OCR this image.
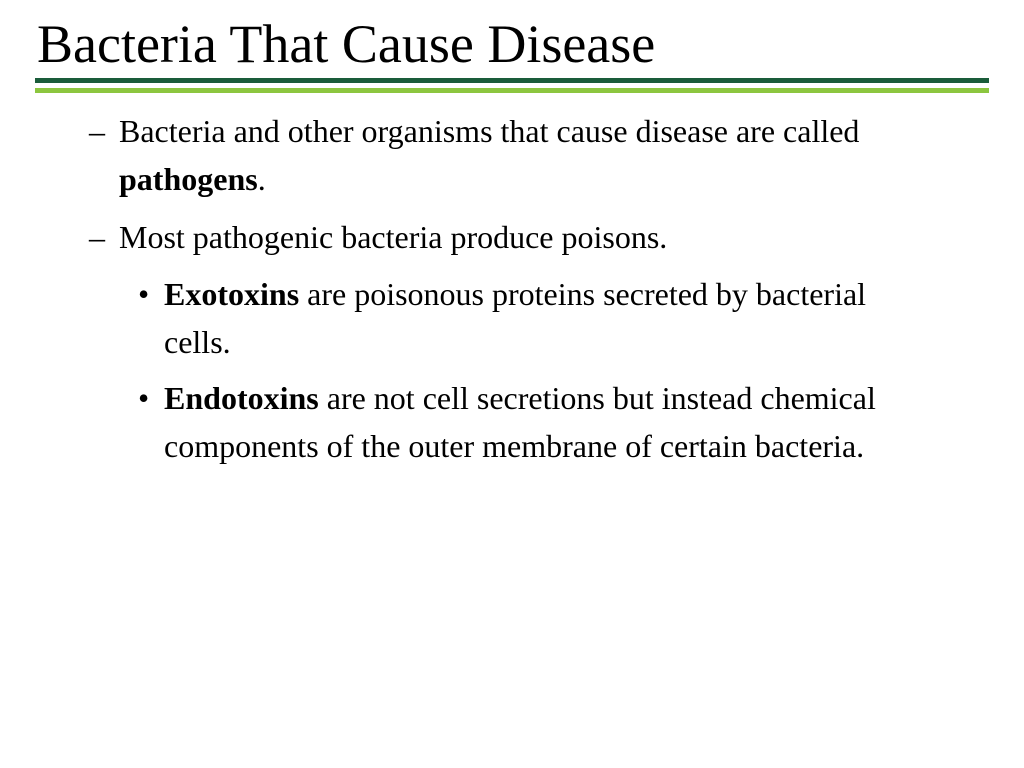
Bacteria That Cause Disease

– Bacteria and other organisms that cause disease are called pathogens.

– Most pathogenic bacteria produce poisons.

• Exotoxins are poisonous proteins secreted by bacterial cells.

• Endotoxins are not cell secretions but instead chemical components of the outer membrane of certain bacteria.
